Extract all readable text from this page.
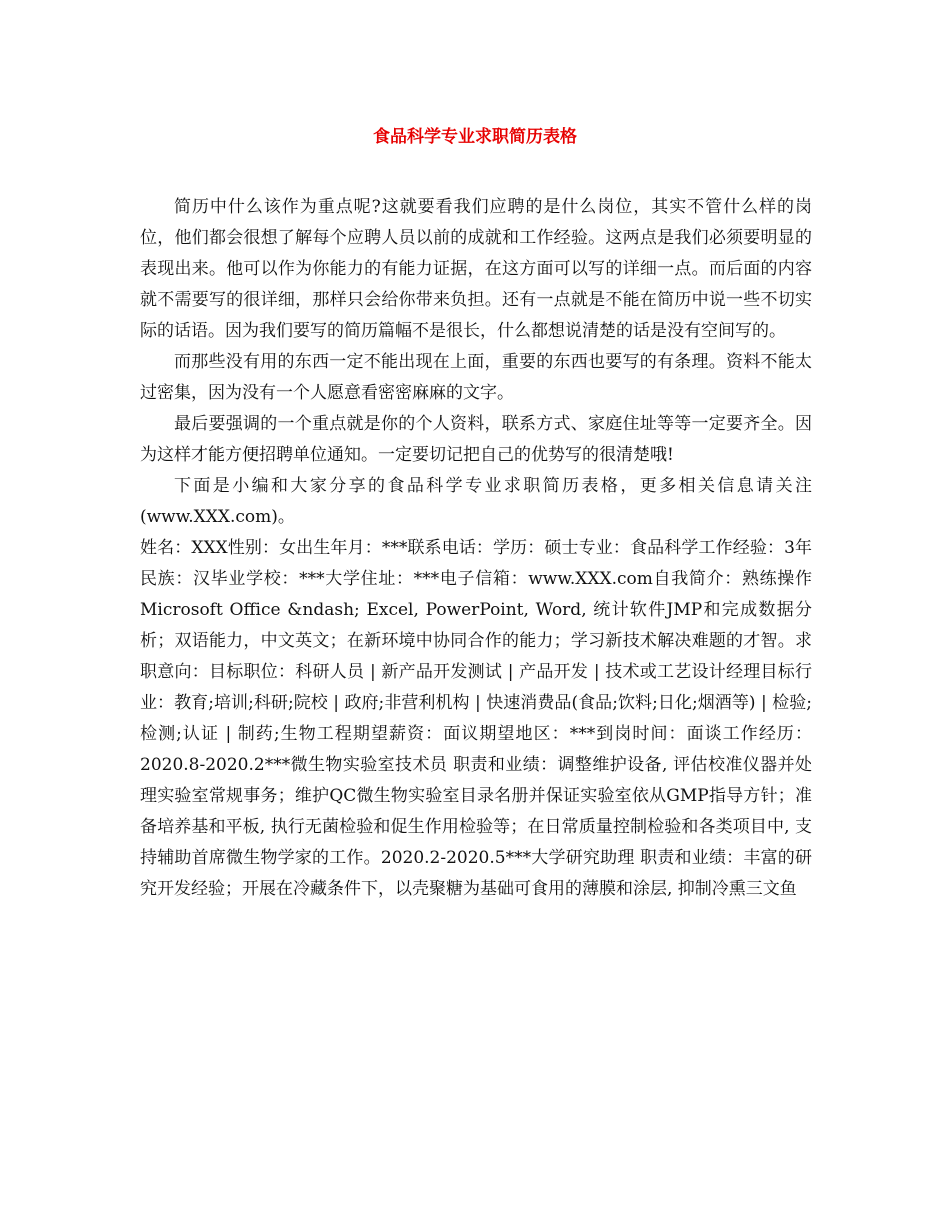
食品科学专业求职简历表格

简历中什么该作为重点呢?这就要看我们应聘的是什么岗位，其实不管什么样的岗位，他们都会很想了解每个应聘人员以前的成就和工作经验。这两点是我们必须要明显的表现出来。他可以作为你能力的有能力证据，在这方面可以写的详细一点。而后面的内容就不需要写的很详细，那样只会给你带来负担。还有一点就是不能在简历中说一些不切实际的话语。因为我们要写的简历篇幅不是很长，什么都想说清楚的话是没有空间写的。

而那些没有用的东西一定不能出现在上面，重要的东西也要写的有条理。资料不能太过密集，因为没有一个人愿意看密密麻麻的文字。

最后要强调的一个重点就是你的个人资料，联系方式、家庭住址等等一定要齐全。因为这样才能方便招聘单位通知。一定要切记把自己的优势写的很清楚哦!

下面是小编和大家分享的食品科学专业求职简历表格，更多相关信息请关注(www.XXX.com)。

姓名：XXX性别：女出生年月：***联系电话：学历：硕士专业：食品科学工作经验：3年民族：汉毕业学校：***大学住址：***电子信箱：www.XXX.com自我简介：熟练操作Microsoft Office &ndash; Excel, PowerPoint, Word, 统计软件JMP和完成数据分析；双语能力，中文英文；在新环境中协同合作的能力；学习新技术解决难题的才智。求职意向：目标职位：科研人员 | 新产品开发测试 | 产品开发 | 技术或工艺设计经理目标行业：教育;培训;科研;院校 | 政府;非营利机构 | 快速消费品(食品;饮料;日化;烟酒等) | 检验;检测;认证 | 制药;生物工程期望薪资：面议期望地区：***到岗时间：面谈工作经历：2020.8-2020.2***微生物实验室技术员 职责和业绩：调整维护设备, 评估校准仪器并处理实验室常规事务；维护QC微生物实验室目录名册并保证实验室依从GMP指导方针；准备培养基和平板, 执行无菌检验和促生作用检验等；在日常质量控制检验和各类项目中, 支持辅助首席微生物学家的工作。2020.2-2020.5***大学研究助理 职责和业绩：丰富的研究开发经验；开展在冷藏条件下，以壳聚糖为基础可食用的薄膜和涂层, 抑制冷熏三文鱼
